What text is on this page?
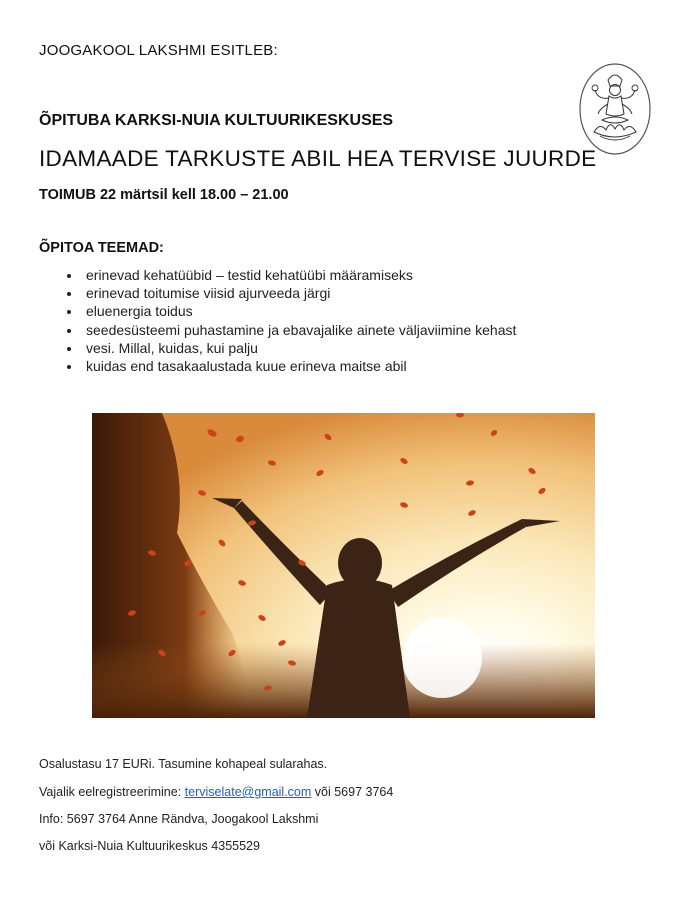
JOOGAKOOL LAKSHMI ESITLEB:
ÕPITUBA KARKSI-NUIA KULTUURIKESKUSES
IDAMAADE TARKUSTE ABIL HEA TERVISE JUURDE
TOIMUB 22 märtsil kell 18.00 – 21.00
ÕPITOA TEEMAD:
• erinevad kehatüübid – testid kehatüübi määramiseks
• erinevad toitumise viisid ajurveeda järgi
• eluenergia toidus
• seedesüsteemi puhastamine ja ebavajalike ainete väljaviimine kehast
• vesi. Millal, kuidas, kui palju
• kuidas end tasakaalustada kuue erineva maitse abil
Osalustasu 17 EURi. Tasumine kohapeal sularahas.
Vajalik eelregistreerimine: terviselate@gmail.com või 5697 3764
Info: 5697 3764 Anne Rändva, Joogakool Lakshmi
või Karksi-Nuia Kultuurikeskus 4355529
